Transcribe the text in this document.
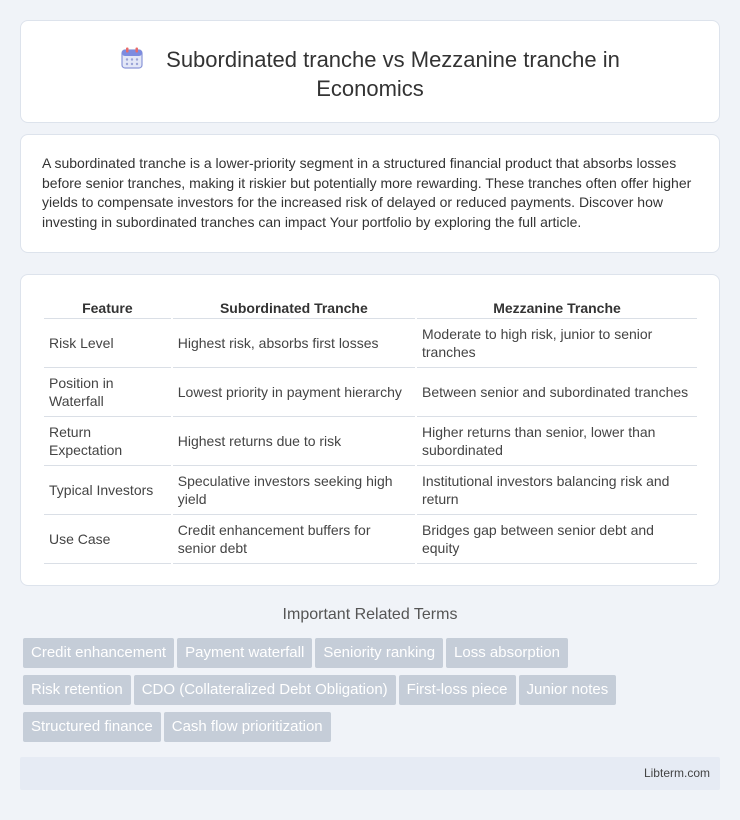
Subordinated tranche vs Mezzanine tranche in
Economics

A subordinated tranche is a lower-priority segment in a structured financial product that absorbs losses before senior tranches, making it riskier but potentially more rewarding. These tranches often offer higher yields to compensate investors for the increased risk of delayed or reduced payments. Discover how investing in subordinated tranches can impact Your portfolio by exploring the full article.

Feature	Subordinated Tranche	Mezzanine Tranche
Risk Level	Highest risk, absorbs first losses	Moderate to high risk, junior to senior tranches
Position in Waterfall	Lowest priority in payment hierarchy	Between senior and subordinated tranches
Return Expectation	Highest returns due to risk	Higher returns than senior, lower than subordinated
Typical Investors	Speculative investors seeking high yield	Institutional investors balancing risk and return
Use Case	Credit enhancement buffers for senior debt	Bridges gap between senior debt and equity
Important Related Terms
Credit enhancement Payment waterfall Seniority ranking Loss absorption
Risk retention CDO (Collateralized Debt Obligation) First-loss piece Junior notes
Structured finance Cash flow prioritization
Libterm.com
